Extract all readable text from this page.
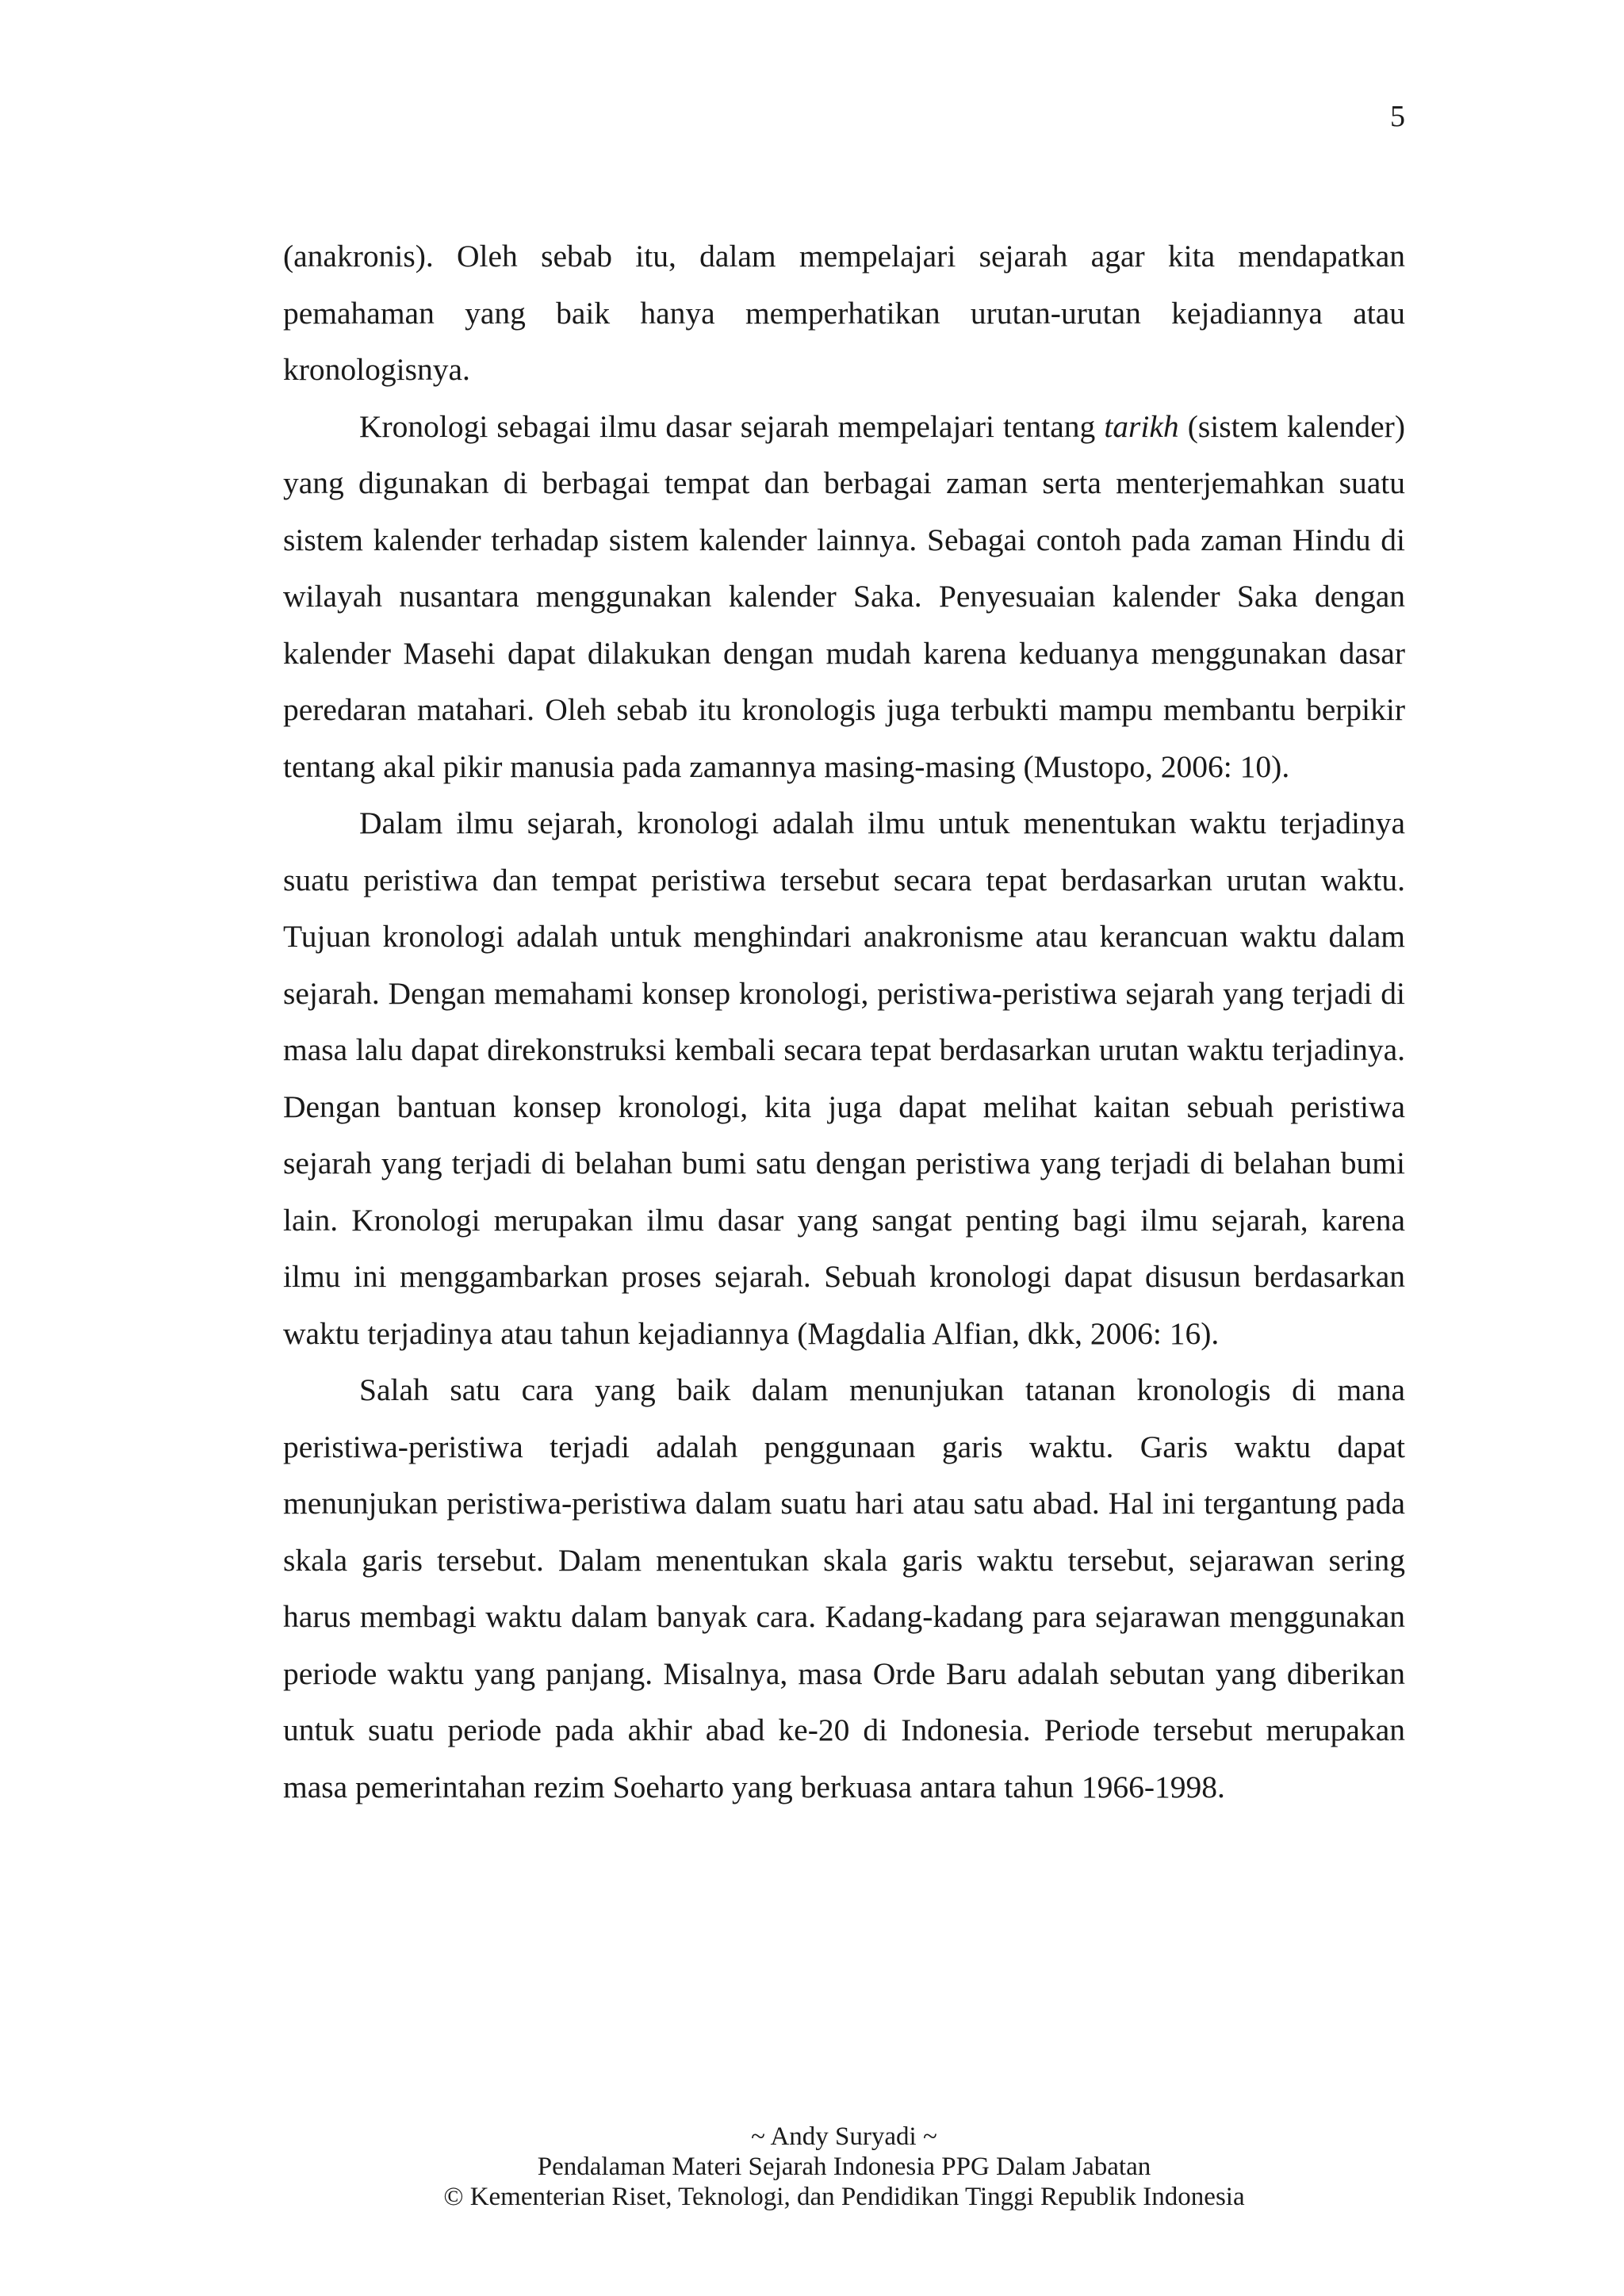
5

(anakronis). Oleh sebab itu, dalam mempelajari sejarah agar kita mendapatkan pemahaman yang baik hanya memperhatikan urutan-urutan kejadiannya atau kronologisnya.

Kronologi sebagai ilmu dasar sejarah mempelajari tentang tarikh (sistem kalender) yang digunakan di berbagai tempat dan berbagai zaman serta menterjemahkan suatu sistem kalender terhadap sistem kalender lainnya. Sebagai contoh pada zaman Hindu di wilayah nusantara menggunakan kalender Saka. Penyesuaian kalender Saka dengan kalender Masehi dapat dilakukan dengan mudah karena keduanya menggunakan dasar peredaran matahari. Oleh sebab itu kronologis juga terbukti mampu membantu berpikir tentang akal pikir manusia pada zamannya masing-masing (Mustopo, 2006: 10).

Dalam ilmu sejarah, kronologi adalah ilmu untuk menentukan waktu terjadinya suatu peristiwa dan tempat peristiwa tersebut secara tepat berdasarkan urutan waktu. Tujuan kronologi adalah untuk menghindari anakronisme atau kerancuan waktu dalam sejarah. Dengan memahami konsep kronologi, peristiwa-peristiwa sejarah yang terjadi di masa lalu dapat direkonstruksi kembali secara tepat berdasarkan urutan waktu terjadinya. Dengan bantuan konsep kronologi, kita juga dapat melihat kaitan sebuah peristiwa sejarah yang terjadi di belahan bumi satu dengan peristiwa yang terjadi di belahan bumi lain. Kronologi merupakan ilmu dasar yang sangat penting bagi ilmu sejarah, karena ilmu ini menggambarkan proses sejarah. Sebuah kronologi dapat disusun berdasarkan waktu terjadinya atau tahun kejadiannya (Magdalia Alfian, dkk, 2006: 16).

Salah satu cara yang baik dalam menunjukan tatanan kronologis di mana peristiwa-peristiwa terjadi adalah penggunaan garis waktu. Garis waktu dapat menunjukan peristiwa-peristiwa dalam suatu hari atau satu abad. Hal ini tergantung pada skala garis tersebut. Dalam menentukan skala garis waktu tersebut, sejarawan sering harus membagi waktu dalam banyak cara. Kadang-kadang para sejarawan menggunakan periode waktu yang panjang. Misalnya, masa Orde Baru adalah sebutan yang diberikan untuk suatu periode pada akhir abad ke-20 di Indonesia. Periode tersebut merupakan masa pemerintahan rezim Soeharto yang berkuasa antara tahun 1966-1998.

~ Andy Suryadi ~
Pendalaman Materi Sejarah Indonesia PPG Dalam Jabatan
© Kementerian Riset, Teknologi, dan Pendidikan Tinggi Republik Indonesia
